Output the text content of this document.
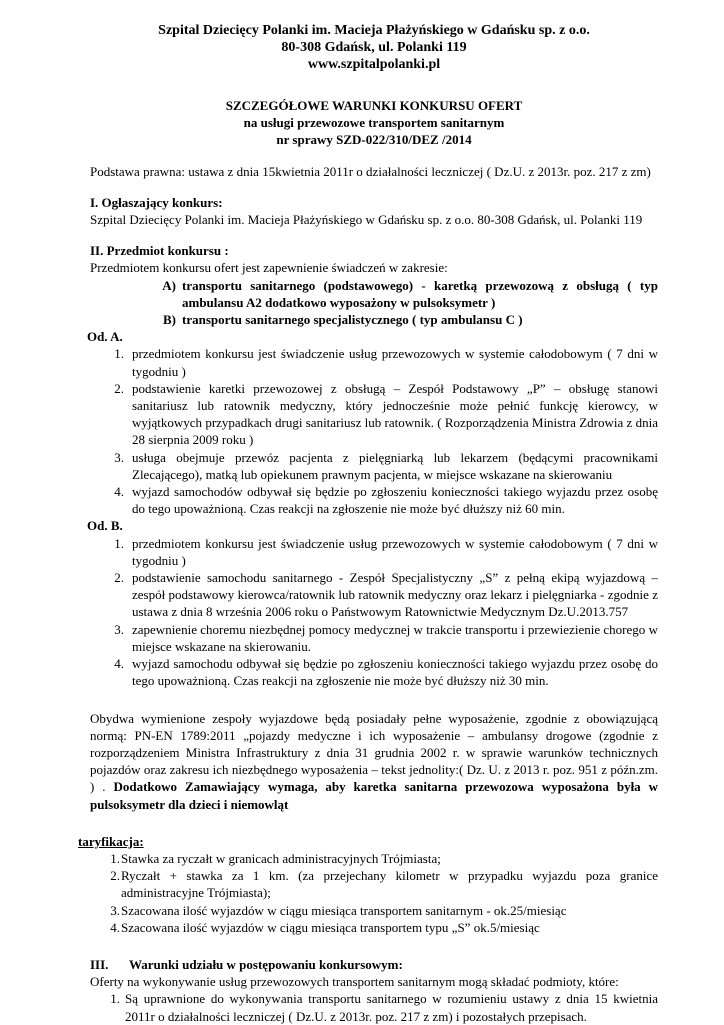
Szpital Dziecięcy Polanki im. Macieja Płażyńskiego w Gdańsku sp. z o.o.
80-308 Gdańsk, ul. Polanki 119
www.szpitalpolanki.pl
SZCZEGÓŁOWE WARUNKI KONKURSU OFERT
na usługi przewozowe transportem sanitarnym
nr sprawy SZD-022/310/DEZ /2014
Podstawa prawna: ustawa z dnia 15kwietnia 2011r o działalności leczniczej ( Dz.U. z 2013r. poz. 217 z zm)
I. Ogłaszający konkurs:
Szpital Dziecięcy Polanki im. Macieja Płażyńskiego w Gdańsku sp. z o.o. 80-308 Gdańsk, ul. Polanki 119
II. Przedmiot konkursu :
Przedmiotem konkursu ofert jest zapewnienie świadczeń w zakresie:
A) transportu sanitarnego (podstawowego) - karetką przewozową z obsługą ( typ ambulansu A2 dodatkowo wyposażony w pulsoksymetr )
B) transportu sanitarnego specjalistycznego ( typ ambulansu C )
Od. A.
1. przedmiotem konkursu jest świadczenie usług przewozowych w systemie całodobowym ( 7 dni w tygodniu )
2. podstawienie karetki przewozowej z obsługą – Zespół Podstawowy „P” – obsługę stanowi sanitariusz lub ratownik medyczny, który jednocześnie może pełnić funkcję kierowcy, w wyjątkowych przypadkach drugi sanitariusz lub ratownik. ( Rozporządzenia Ministra Zdrowia z dnia 28 sierpnia 2009 roku )
3. usługa obejmuje przewóz pacjenta z pielęgniarką lub lekarzem (będącymi pracownikami Zlecającego), matką lub opiekunem prawnym pacjenta, w miejsce wskazane na skierowaniu
4. wyjazd samochodów odbywał się będzie po zgłoszeniu konieczności takiego wyjazdu przez osobę do tego upoważnioną. Czas reakcji na zgłoszenie nie może być dłuższy niż 60 min.
Od. B.
1. przedmiotem konkursu jest świadczenie usług przewozowych w systemie całodobowym ( 7 dni w tygodniu )
2. podstawienie samochodu sanitarnego - Zespół Specjalistyczny „S” z pełną ekipą wyjazdową – zespół podstawowy kierowca/ratownik lub ratownik medyczny oraz lekarz i pielęgniarka - zgodnie z ustawa z dnia 8 września 2006 roku o Państwowym Ratownictwie Medycznym Dz.U.2013.757
3. zapewnienie choremu niezbędnej pomocy medycznej w trakcie transportu i przewiezienie chorego w miejsce wskazane na skierowaniu.
4. wyjazd samochodu odbywał się będzie po zgłoszeniu konieczności takiego wyjazdu przez osobę do tego upoważnioną. Czas reakcji na zgłoszenie nie może być dłuższy niż 30 min.
Obydwa wymienione zespoły wyjazdowe będą posiadały pełne wyposażenie, zgodnie z obowiązującą normą: PN-EN 1789:2011 „pojazdy medyczne i ich wyposażenie – ambulansy drogowe (zgodnie z rozporządzeniem Ministra Infrastruktury z dnia 31 grudnia 2002 r. w sprawie warunków technicznych pojazdów oraz zakresu ich niezbędnego wyposażenia – tekst jednolity:( Dz. U. z 2013 r. poz. 951 z późn.zm. ) . Dodatkowo Zamawiający wymaga, aby karetka sanitarna przewozowa wyposażona była w pulsoksymetr dla dzieci i niemowląt
taryfikacja:
1. Stawka za ryczałt w granicach administracyjnych Trójmiasta;
2. Ryczałt + stawka za 1 km. (za przejechany kilometr w przypadku wyjazdu poza granice administracyjne Trójmiasta);
3. Szacowana ilość wyjazdów w ciągu miesiąca transportem sanitarnym - ok.25/miesiąc
4. Szacowana ilość wyjazdów w ciągu miesiąca transportem typu „S” ok.5/miesiąc
III. Warunki udziału w postępowaniu konkursowym:
Oferty na wykonywanie usług przewozowych transportem sanitarnym mogą składać podmioty, które:
1. Są uprawnione do wykonywania transportu sanitarnego w rozumieniu ustawy z dnia 15 kwietnia 2011r o działalności leczniczej ( Dz.U. z 2013r. poz. 217 z zm) i pozostałych przepisach.
